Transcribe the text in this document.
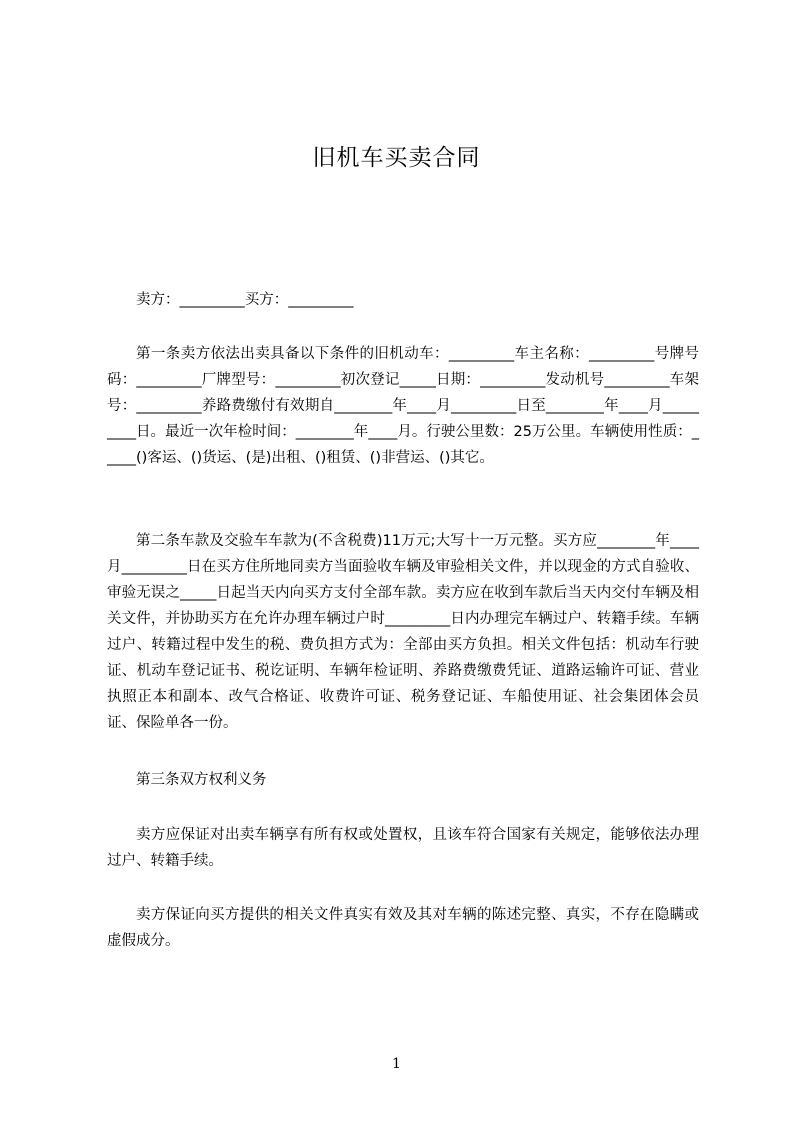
旧机车买卖合同

卖方：_________买方：_________

第一条卖方依法出卖具备以下条件的旧机动车：_________车主名称：_________号牌号码：_________厂牌型号：_________初次登记_____日期：_________发动机号_________车架号：_________养路费缴付有效期自________年____月_________日至________年____月_________日。最近一次年检时间：________年____月。行驶公里数：25万公里。车辆使用性质：_____()客运、()货运、(是)出租、()租赁、()非营运、()其它。

第二条车款及交验车车款为(不含税费)11万元;大写十一万元整。买方应________年____月_________日在买方住所地同卖方当面验收车辆及审验相关文件，并以现金的方式自验收、审验无误之_____日起当天内向买方支付全部车款。卖方应在收到车款后当天内交付车辆及相关文件，并协助买方在允许办理车辆过户时_________日内办理完车辆过户、转籍手续。车辆过户、转籍过程中发生的税、费负担方式为：全部由买方负担。相关文件包括：机动车行驶证、机动车登记证书、税讫证明、车辆年检证明、养路费缴费凭证、道路运输许可证、营业执照正本和副本、改气合格证、收费许可证、税务登记证、车船使用证、社会集团体会员证、保险单各一份。

第三条双方权利义务

卖方应保证对出卖车辆享有所有权或处置权，且该车符合国家有关规定，能够依法办理过户、转籍手续。

卖方保证向买方提供的相关文件真实有效及其对车辆的陈述完整、真实，不存在隐瞒或虚假成分。

1
